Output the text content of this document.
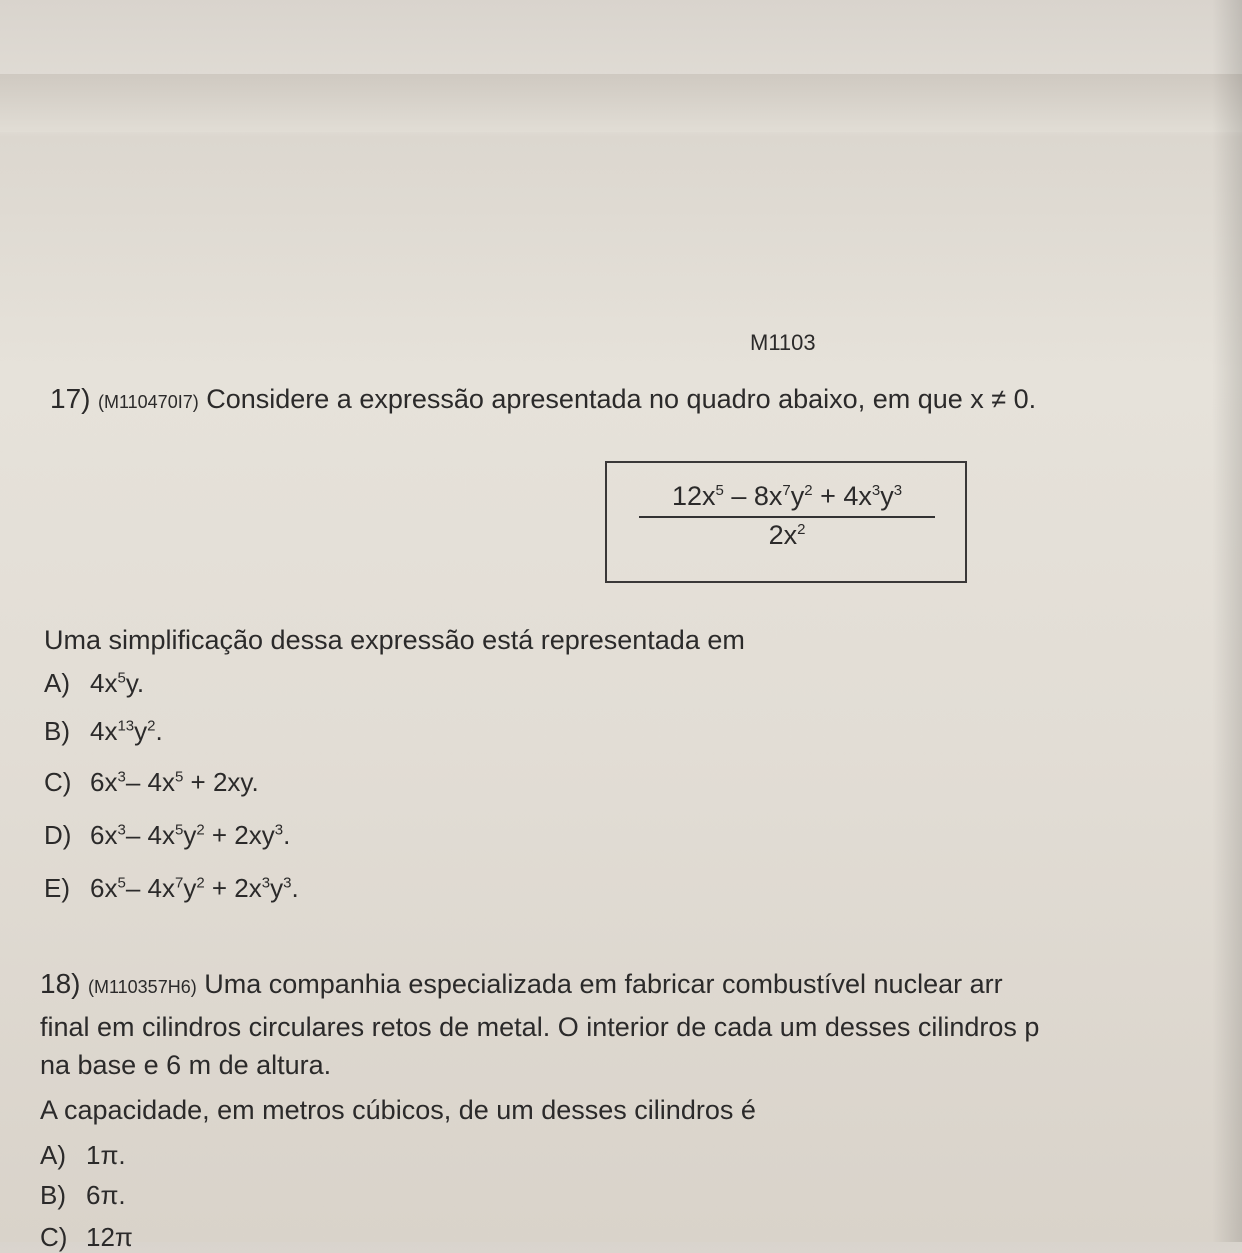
M1103
17) (M110470I7) Considere a expressão apresentada no quadro abaixo, em que x ≠ 0.
$\frac{12x^5 - 8x^7y^2 + 4x^3y^3}{2x^2}$
Uma simplificação dessa expressão está representada em
A) $4x^5y$.
B) $4x^{13}y^2$.
C) $6x^3-$ $4x^5 + 2xy$.
D) $6x^3-$ $4x^5y^2 + 2xy^3$.
E) $6x^5-$ $4x^7y^2 + 2x^3y^3$.
18) (M110357H6) Uma companhia especializada em fabricar combustível nuclear arr
final em cilindros circulares retos de metal. O interior de cada um desses cilindros p
na base e 6 m de altura.
A capacidade, em metros cúbicos, de um desses cilindros é
A) 1π.
B) 6π.
C) 12π
